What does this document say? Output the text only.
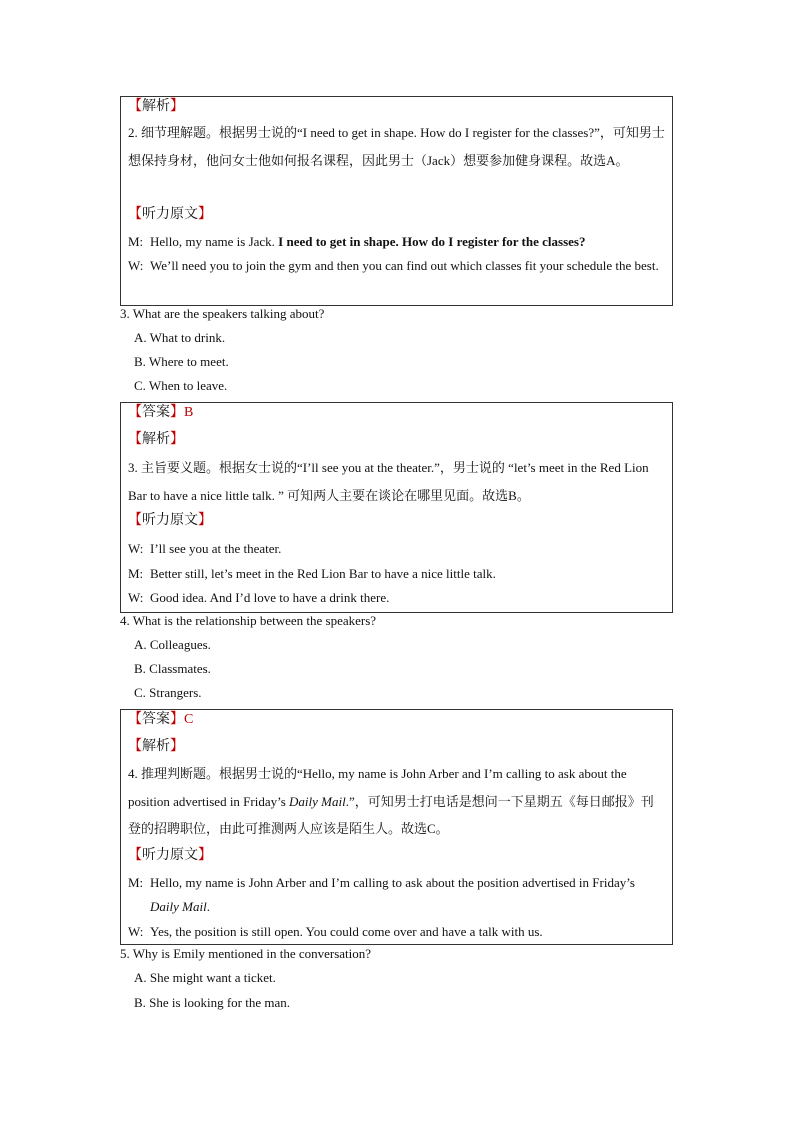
【解析】
2. 细节理解题。根据男士说的“I need to get in shape. How do I register for the classes?”，可知男士想保持身材，他问女士他如何报名课程，因此男士（Jack）想要参加健身课程。故选A。
【听力原文】
M: Hello, my name is Jack. I need to get in shape. How do I register for the classes?
W: We’ll need you to join the gym and then you can find out which classes fit your schedule the best.
3. What are the speakers talking about?
A. What to drink.
B. Where to meet.
C. When to leave.
【答案】B
【解析】
3. 主旨要义题。根据女士说的“I’ll see you at the theater.”，男士说的 “let’s meet in the Red Lion Bar to have a nice little talk. ” 可知两人主要在谈论在哪里见面。故选B。
【听力原文】
W: I’ll see you at the theater.
M: Better still, let’s meet in the Red Lion Bar to have a nice little talk.
W: Good idea. And I’d love to have a drink there.
4. What is the relationship between the speakers?
A. Colleagues.
B. Classmates.
C. Strangers.
【答案】C
【解析】
4. 推理判断题。根据男士说的“Hello, my name is John Arber and I’m calling to ask about the position advertised in Friday’s Daily Mail.”，可知男士打电话是想问一下星期五《每日邮报》刊登的招聘职位，由此可推测两人应该是陌生人。故选C。
【听力原文】
M: Hello, my name is John Arber and I’m calling to ask about the position advertised in Friday’s Daily Mail.
W: Yes, the position is still open. You could come over and have a talk with us.
5. Why is Emily mentioned in the conversation?
A. She might want a ticket.
B. She is looking for the man.
